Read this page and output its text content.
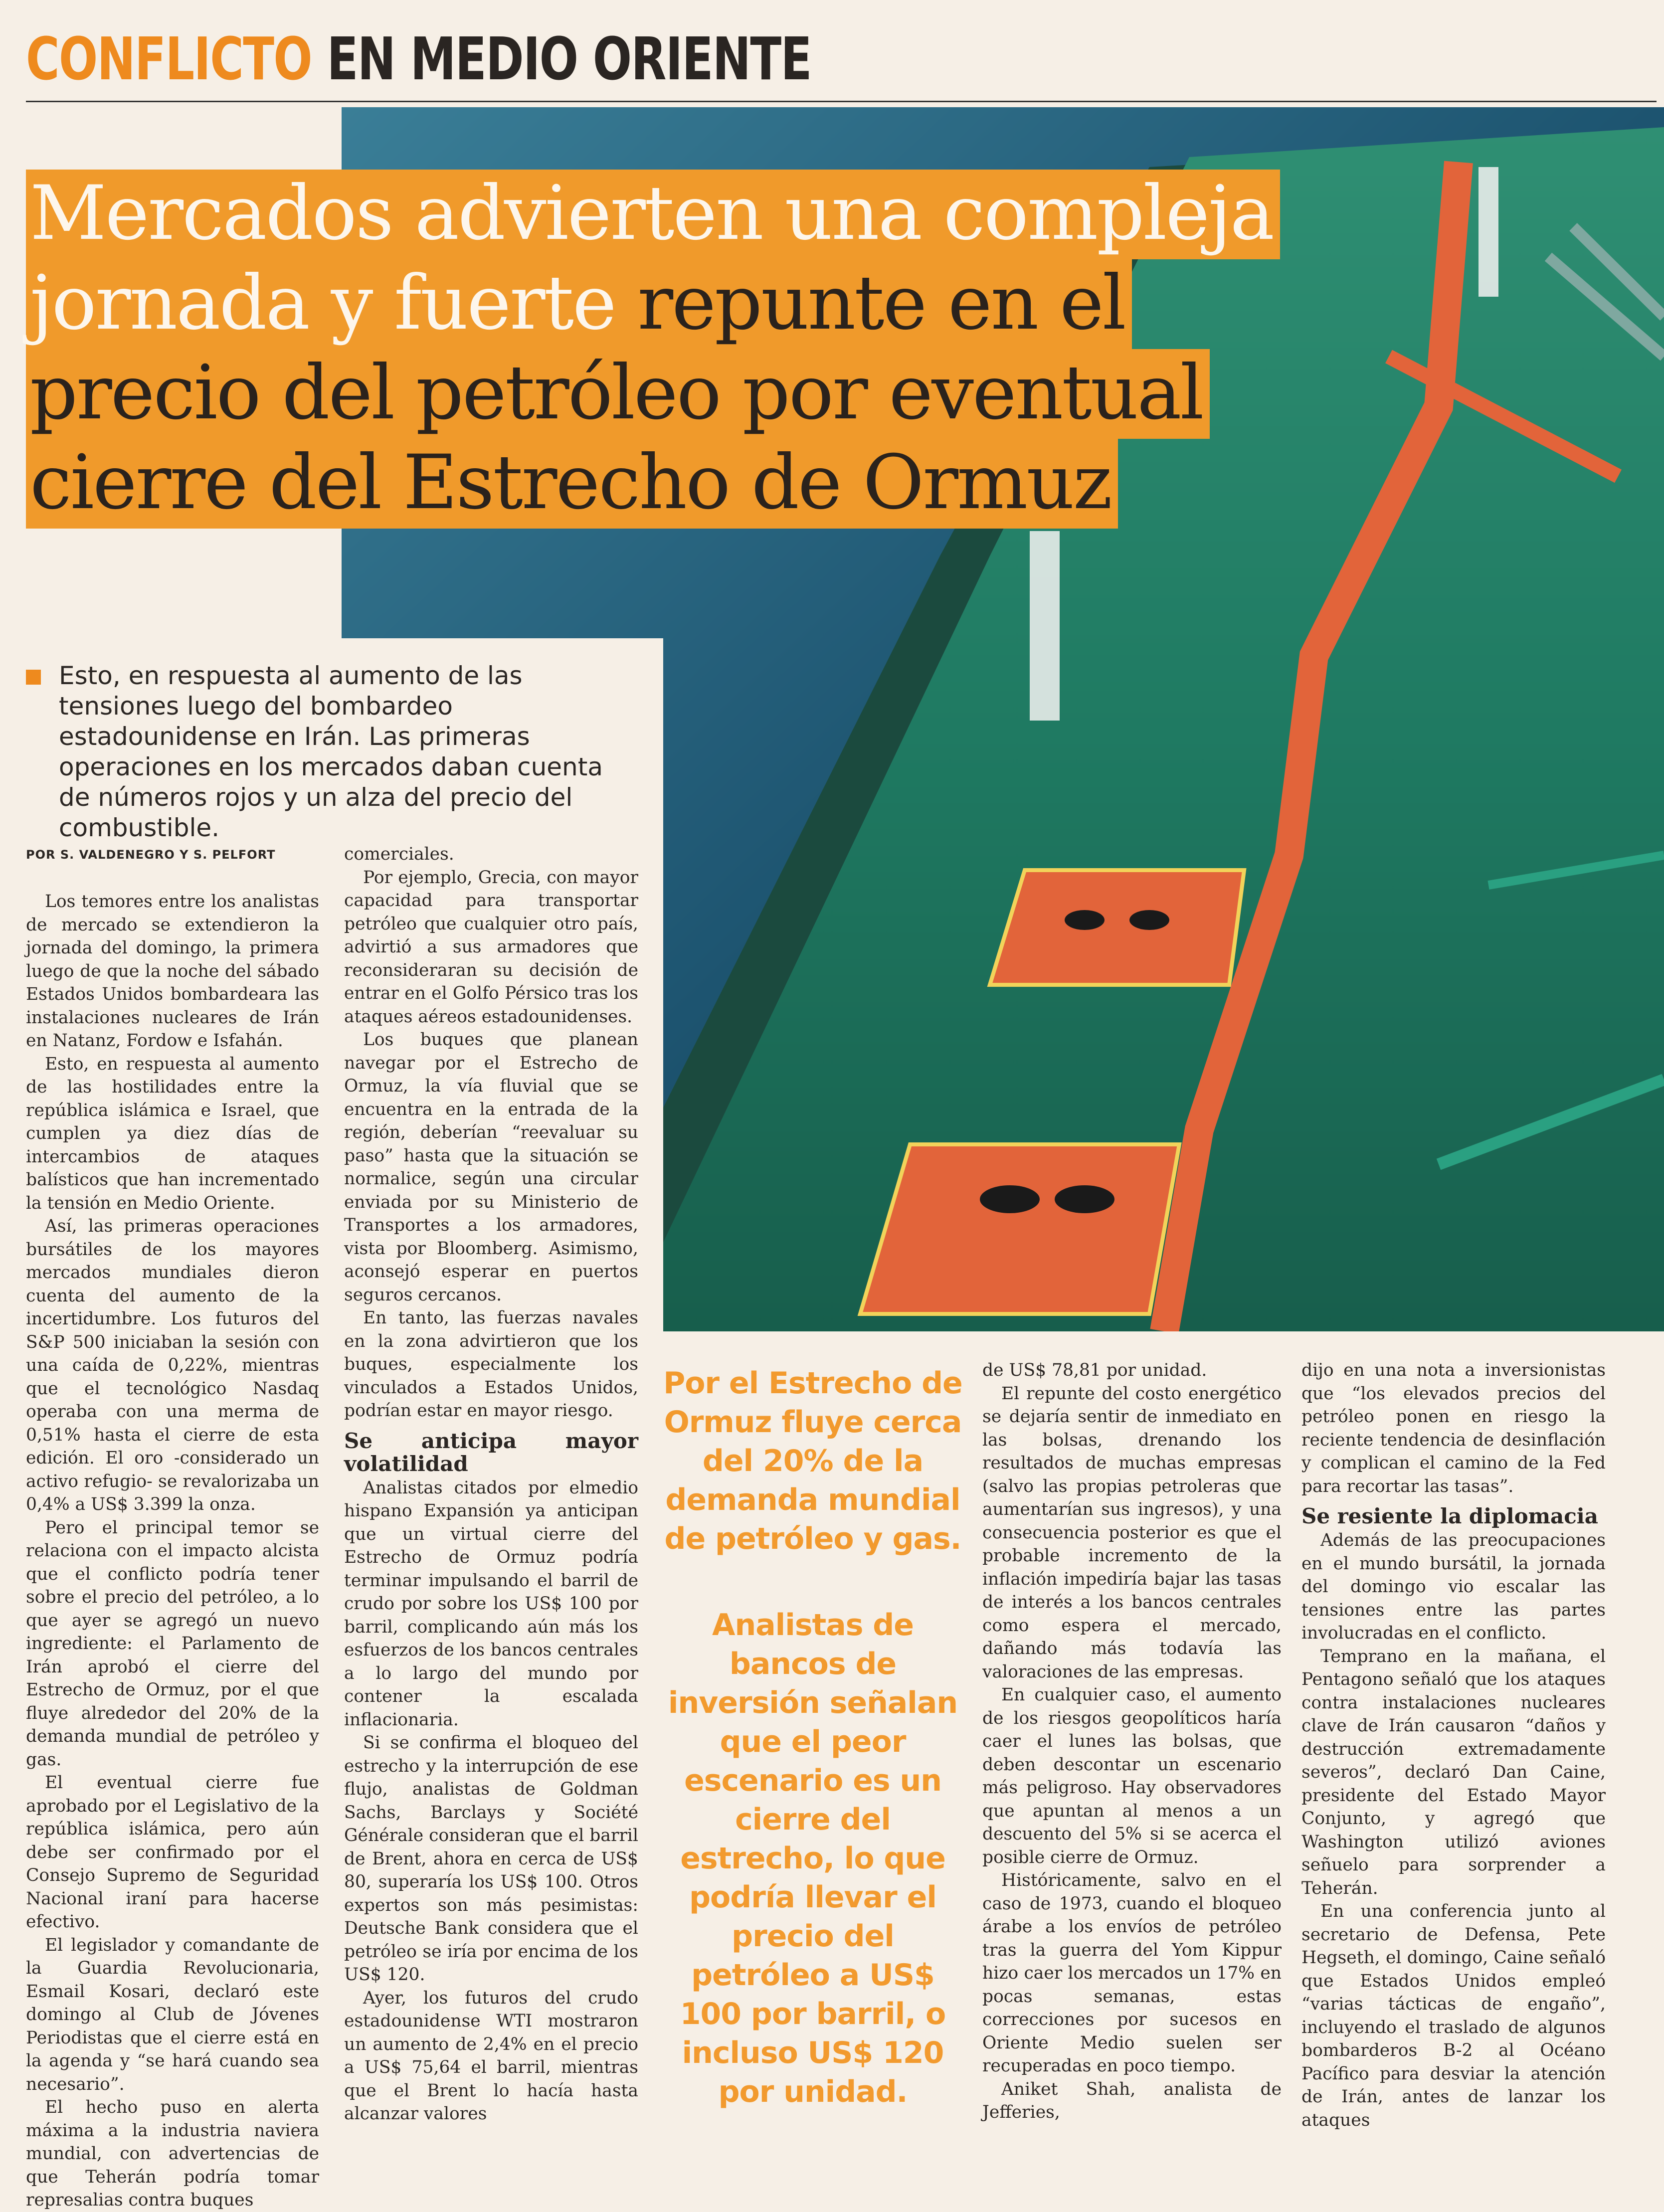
CONFLICTO EN MEDIO ORIENTE
Mercados advierten una compleja
jornada y fuerte repunte en el
precio del petróleo por eventual
cierre del Estrecho de Ormuz

Esto, en respuesta al aumento de las tensiones luego del bombardeo estadounidense en Irán. Las primeras operaciones en los mercados daban cuenta de números rojos y un alza del precio del combustible.

POR S. VALDENEGRO Y S. PELFORT

Los temores entre los analistas de mercado se extendieron la jornada del domingo, la primera luego de que la noche del sábado Estados Unidos bombardeara las instalaciones nucleares de Irán en Natanz, Fordow e Isfahán.

Esto, en respuesta al aumento de las hostilidades entre la república islámica e Israel, que cumplen ya diez días de intercambios de ataques balísticos que han incrementado la tensión en Medio Oriente.

Así, las primeras operaciones bursátiles de los mayores mercados mundiales dieron cuenta del aumento de la incertidumbre. Los futuros del S&P 500 iniciaban la sesión con una caída de 0,22%, mientras que el tecnológico Nasdaq operaba con una merma de 0,51% hasta el cierre de esta edición. El oro -considerado un activo refugio- se revalorizaba un 0,4% a US$ 3.399 la onza.

Pero el principal temor se relaciona con el impacto alcista que el conflicto podría tener sobre el precio del petróleo, a lo que ayer se agregó un nuevo ingrediente: el Parlamento de Irán aprobó el cierre del Estrecho de Ormuz, por el que fluye alrededor del 20% de la demanda mundial de petróleo y gas.

El eventual cierre fue aprobado por el Legislativo de la república islámica, pero aún debe ser confirmado por el Consejo Supremo de Seguridad Nacional iraní para hacerse efectivo.

El legislador y comandante de la Guardia Revolucionaria, Esmail Kosari, declaró este domingo al Club de Jóvenes Periodistas que el cierre está en la agenda y “se hará cuando sea necesario”.

El hecho puso en alerta máxima a la industria naviera mundial, con advertencias de que Teherán podría tomar represalias contra buques

comerciales.

Por ejemplo, Grecia, con mayor capacidad para transportar petróleo que cualquier otro país, advirtió a sus armadores que reconsideraran su decisión de entrar en el Golfo Pérsico tras los ataques aéreos estadounidenses.

Los buques que planean navegar por el Estrecho de Ormuz, la vía fluvial que se encuentra en la entrada de la región, deberían “reevaluar su paso” hasta que la situación se normalice, según una circular enviada por su Ministerio de Transportes a los armadores, vista por Bloomberg. Asimismo, aconsejó esperar en puertos seguros cercanos.

En tanto, las fuerzas navales en la zona advirtieron que los buques, especialmente los vinculados a Estados Unidos, podrían estar en mayor riesgo.

Se anticipa mayor volatilidad

Analistas citados por elmedio hispano Expansión ya anticipan que un virtual cierre del Estrecho de Ormuz podría terminar impulsando el barril de crudo por sobre los US$ 100 por barril, complicando aún más los esfuerzos de los bancos centrales a lo largo del mundo por contener la escalada inflacionaria.

Si se confirma el bloqueo del estrecho y la interrupción de ese flujo, analistas de Goldman Sachs, Barclays y Société Générale consideran que el barril de Brent, ahora en cerca de US$ 80, superaría los US$ 100. Otros expertos son más pesimistas: Deutsche Bank considera que el petróleo se iría por encima de los US$ 120.

Ayer, los futuros del crudo estadounidense WTI mostraron un aumento de 2,4% en el precio a US$ 75,64 el barril, mientras que el Brent lo hacía hasta alcanzar valores

Por el Estrecho de Ormuz fluye cerca del 20% de la demanda mundial de petróleo y gas.
Analistas de bancos de inversión señalan que el peor escenario es un cierre del estrecho, lo que podría llevar el precio del petróleo a US$ 100 por barril, o incluso US$ 120 por unidad.

de US$ 78,81 por unidad.

El repunte del costo energético se dejaría sentir de inmediato en las bolsas, drenando los resultados de muchas empresas (salvo las propias petroleras que aumentarían sus ingresos), y una consecuencia posterior es que el probable incremento de la inflación impediría bajar las tasas de interés a los bancos centrales como espera el mercado, dañando más todavía las valoraciones de las empresas.

En cualquier caso, el aumento de los riesgos geopolíticos haría caer el lunes las bolsas, que deben descontar un escenario más peligroso. Hay observadores que apuntan al menos a un descuento del 5% si se acerca el posible cierre de Ormuz.

Históricamente, salvo en el caso de 1973, cuando el bloqueo árabe a los envíos de petróleo tras la guerra del Yom Kippur hizo caer los mercados un 17% en pocas semanas, estas correcciones por sucesos en Oriente Medio suelen ser recuperadas en poco tiempo.

Aniket Shah, analista de Jefferies,

dijo en una nota a inversionistas que “los elevados precios del petróleo ponen en riesgo la reciente tendencia de desinflación y complican el camino de la Fed para recortar las tasas”.

Se resiente la diplomacia

Además de las preocupaciones en el mundo bursátil, la jornada del domingo vio escalar las tensiones entre las partes involucradas en el conflicto.

Temprano en la mañana, el Pentagono señaló que los ataques contra instalaciones nucleares clave de Irán causaron “daños y destrucción extremadamente severos”, declaró Dan Caine, presidente del Estado Mayor Conjunto, y agregó que Washington utilizó aviones señuelo para sorprender a Teherán.

En una conferencia junto al secretario de Defensa, Pete Hegseth, el domingo, Caine señaló que Estados Unidos empleó “varias tácticas de engaño”, incluyendo el traslado de algunos bombarderos B-2 al Océano Pacífico para desviar la atención de Irán, antes de lanzar los ataques
